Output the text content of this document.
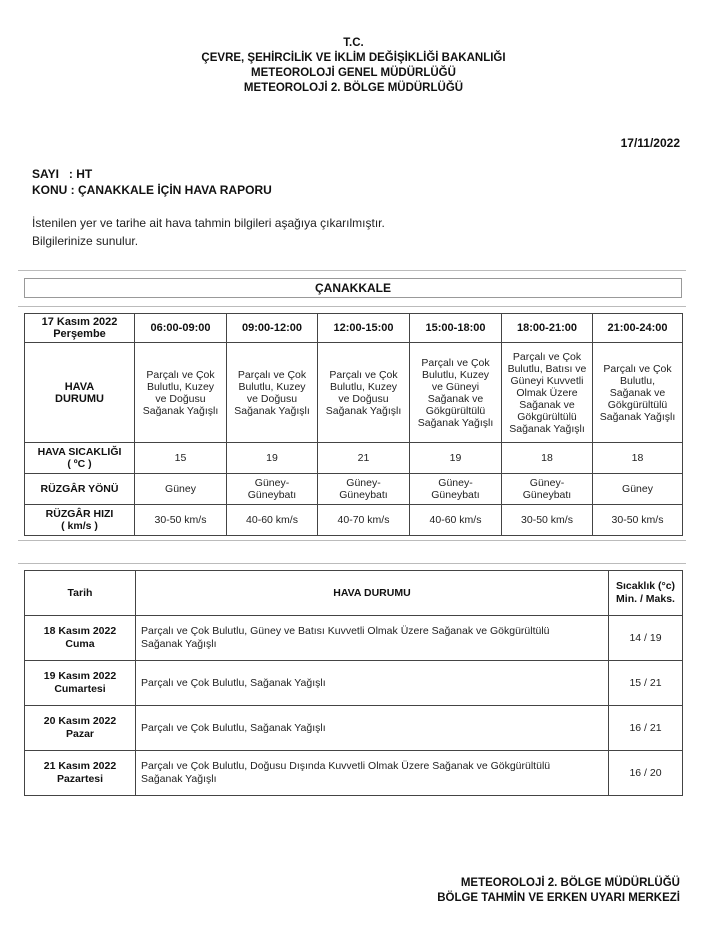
T.C.
ÇEVRE, ŞEHİRCİLİK VE İKLİM DEĞİŞİKLİĞİ BAKANLIĞI
METEOROLOJİ GENEL MÜDÜRLÜĞÜ
METEOROLOJİ 2. BÖLGE MÜDÜRLÜĞÜ
17/11/2022
SAYI   : HT
KONU : ÇANAKKALE İÇİN HAVA RAPORU
İstenilen yer ve tarihe ait hava tahmin bilgileri aşağıya çıkarılmıştır.
Bilgilerinize sunulur.
ÇANAKKALE
17 Kasım 2022
Perşembe	06:00-09:00	09:00-12:00	12:00-15:00	15:00-18:00	18:00-21:00	21:00-24:00

HAVA DURUMU	Parçalı ve Çok Bulutlu, Kuzey ve Doğusu Sağanak Yağışlı	Parçalı ve Çok Bulutlu, Kuzey ve Doğusu Sağanak Yağışlı	Parçalı ve Çok Bulutlu, Kuzey ve Doğusu Sağanak Yağışlı	Parçalı ve Çok Bulutlu, Kuzey ve Güneyi Sağanak ve Gökgürültülü Sağanak Yağışlı	Parçalı ve Çok Bulutlu, Batısı ve Güneyi Kuvvetli Olmak Üzere Sağanak ve Gökgürültülü Sağanak Yağışlı	Parçalı ve Çok Bulutlu, Sağanak ve Gökgürültülü Sağanak Yağışlı

HAVA SICAKLIĞI
( ºC )	15	19	21	19	18	18
RÜZGÂR YÖNÜ	Güney	Güney-Güneybatı	Güney-Güneybatı	Güney-Güneybatı	Güney-Güneybatı	Güney

RÜZGÂR HIZI
( km/s )	30-50 km/s	40-60 km/s	40-70 km/s	40-60 km/s	30-50 km/s	30-50 km/s
Tarih	HAVA DURUMU	Sıcaklık (°c)
Min. / Maks.

18 Kasım 2022
Cuma	Parçalı ve Çok Bulutlu, Güney ve Batısı Kuvvetli Olmak Üzere Sağanak ve Gökgürültülü Sağanak Yağışlı	14 / 19

19 Kasım 2022
Cumartesi	Parçalı ve Çok Bulutlu, Sağanak Yağışlı	15 / 21

20 Kasım 2022
Pazar	Parçalı ve Çok Bulutlu, Sağanak Yağışlı	16 / 21

21 Kasım 2022
Pazartesi	Parçalı ve Çok Bulutlu, Doğusu Dışında Kuvvetli Olmak Üzere Sağanak ve Gökgürültülü Sağanak Yağışlı	16 / 20
METEOROLOJİ 2. BÖLGE MÜDÜRLÜĞÜ
BÖLGE TAHMİN VE ERKEN UYARI MERKEZİ
